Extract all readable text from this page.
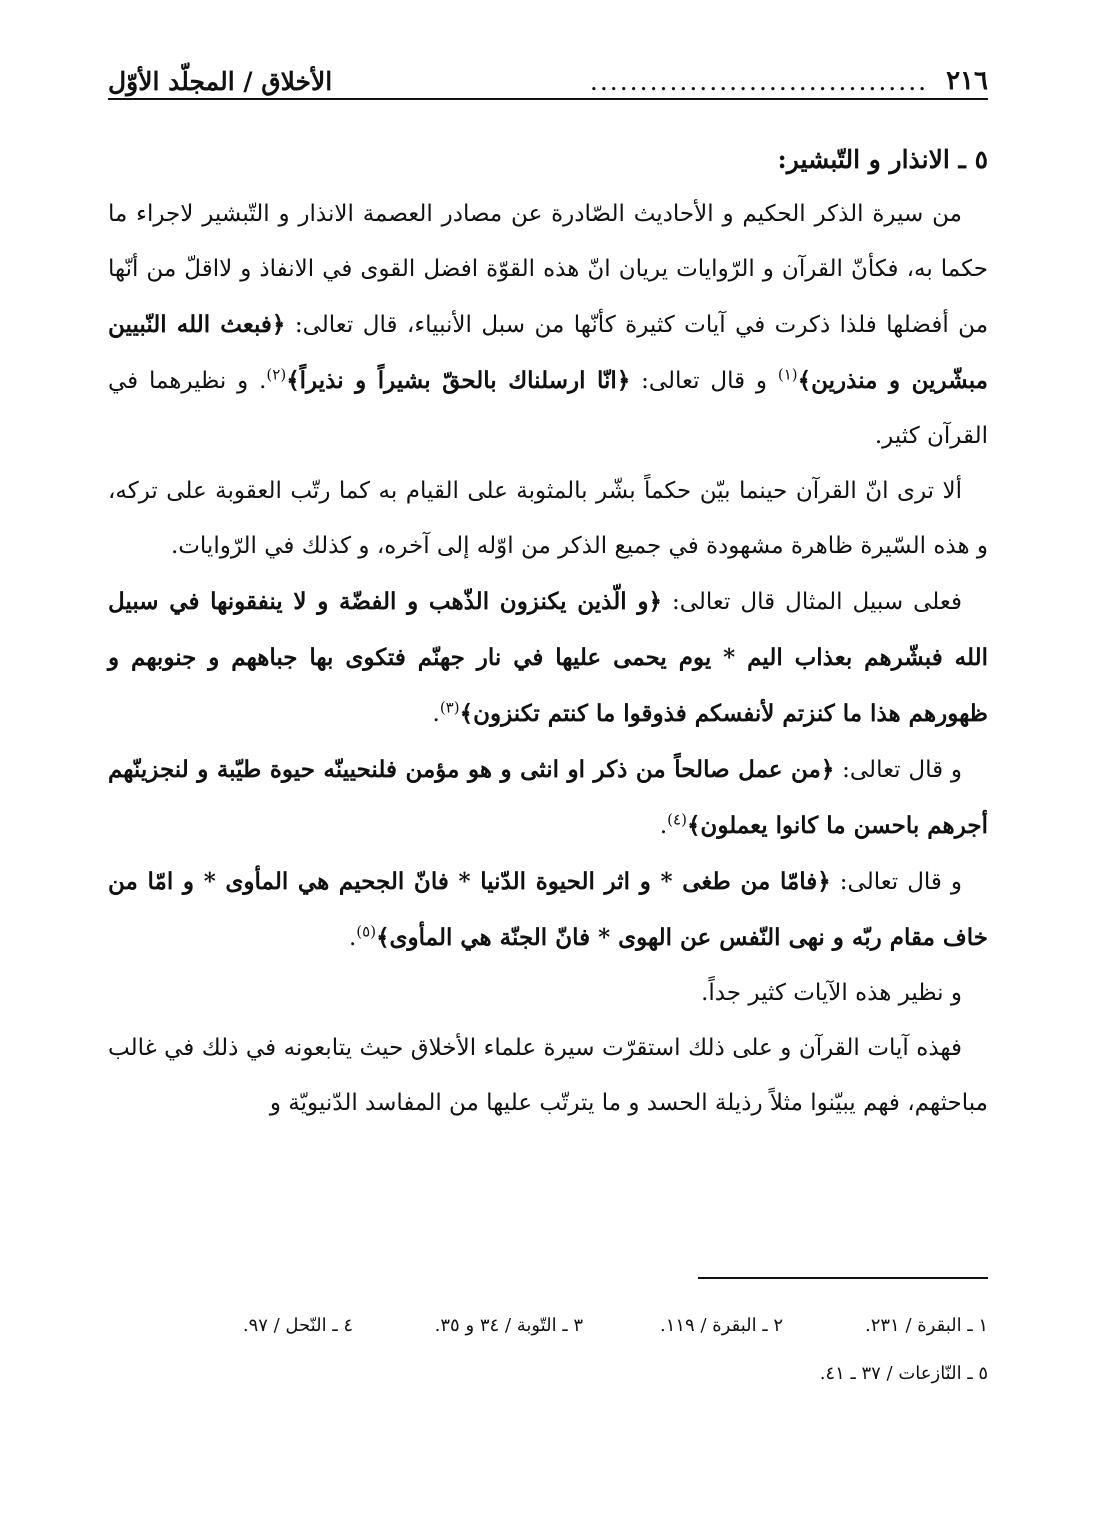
٢١٦
..................................
الأخلاق / المجلّد الأوّل

٥ ـ الانذار و التّبشير:

من سيرة الذكر الحكيم و الأحاديث الصّادرة عن مصادر العصمة الانذار و التّبشير لاجراء ما حكما به، فكأنّ القرآن و الرّوايات يريان انّ هذه القوّة افضل القوى في الانفاذ و لااقلّ من أنّها من أفضلها فلذا ذكرت في آيات كثيرة كأنّها من سبل الأنبياء، قال تعالى: ﴿فبعث الله النّبيين مبشّرين و منذرين﴾$^{(١)}$ و قال تعالى: ﴿انّا ارسلناك بالحقّ بشيراً و نذيراً﴾$^{(٢)}$. و نظيرهما في القرآن كثير.

ألا ترى انّ القرآن حينما بيّن حكماً بشّر بالمثوبة على القيام به كما رتّب العقوبة على تركه، و هذه السّيرة ظاهرة مشهودة في جميع الذكر من اوّله إلى آخره، و كذلك في الرّوايات.

فعلى سبيل المثال قال تعالى: ﴿و الّذين يكنزون الذّهب و الفضّة و لا ينفقونها في سبيل الله فبشّرهم بعذاب اليم * يوم يحمى عليها في نار جهنّم فتكوى بها جباههم و جنوبهم و ظهورهم هذا ما كنزتم لأنفسكم فذوقوا ما كنتم تكنزون﴾$^{(٣)}$.

و قال تعالى: ﴿من عمل صالحاً من ذكر او انثى و هو مؤمن فلنحيينّه حيوة طيّبة و لنجزينّهم أجرهم باحسن ما كانوا يعملون﴾$^{(٤)}$.

و قال تعالى: ﴿فامّا من طغى * و اثر الحيوة الدّنيا * فانّ الجحيم هي المأوى * و امّا من خاف مقام ربّه و نهى النّفس عن الهوى * فانّ الجنّة هي المأوى﴾$^{(٥)}$.

و نظير هذه الآيات كثير جداً.

فهذه آيات القرآن و على ذلك استقرّت سيرة علماء الأخلاق حيث يتابعونه في ذلك في غالب مباحثهم، فهم يبيّنوا مثلاً رذيلة الحسد و ما يترتّب عليها من المفاسد الدّنيويّة و

١ ـ البقرة / ٢٣١.
٢ ـ البقرة / ١١٩.
٣ ـ التّوبة / ٣٤ و ٣٥.
٤ ـ النّحل / ٩٧.
٥ ـ النّازعات / ٣٧ ـ ٤١.
